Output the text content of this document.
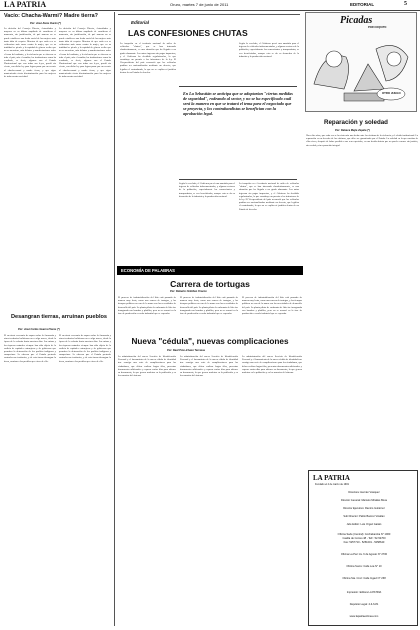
LA PATRIA	Oruro, martes 7 de junio de 2011	EDITORIAL	5
Vacío: Chacha-Warmi? Madre tierra?
Por: José Alves Durán (*)
La decisión del Consejo Directo, Autoridades y mayores en su último ampliado de considerar el momento, sin justificación, de qué manera no se puede establecer una lucha social de las mujeres ante tanta falta de respeto. Muestra de que cada vez se evidencian más casos contra la mujer, que en su totalidad se pierde y la equidad de género recibe que no se mencione, más debates y manifestaciones sobre el tema del maltrato, y la violencia que se observa en todo el país, aún el cambio; las instituciones como ha resultado, es decir, algunos son el Estado Plurinacional que con todas sus leyes, quedó sin efecto, con dicha ley para lograr pasar por un recorte al chacha-warmi y madre tierra, y que sigue manteniendo cierta discriminación para las mujeres de toda nuestra sociedad.
La decisión del Consejo Directo, Autoridades y mayores en su último ampliado de considerar el momento, sin justificación, de qué manera no se puede establecer una lucha social de las mujeres ante tanta falta de respeto. Muestra de que cada vez se evidencian más casos contra la mujer, que en su totalidad se pierde y la equidad de género recibe que no se mencione, más debates y manifestaciones sobre el tema del maltrato, y la violencia que se observa en todo el país, aún el cambio; las instituciones como ha resultado, es decir, algunos son el Estado Plurinacional que con todas sus leyes, quedó sin efecto, con dicha ley para lograr pasar por un recorte al chacha-warmi y madre tierra, y que sigue manteniendo cierta discriminación para las mujeres de toda nuestra sociedad.
Desangran tierras, arruinan pueblos
Por: José Carlos Guerra Flores (*)
El creciente escenario de saqueo sobre la Amazonía y otros territorios bolivianos no es algo nuevo, desde la época de la colonia hasta nuestros días. Las minas y las riquezas naturales siempre han sido objeto de la codicia de capitales extranjeros y de gobiernos que permiten la destrucción de los pueblos indígenas y campesinos. Se observa que el Estado pretende controlar sus territorios, y de esta forma desangrar la tierra, arruinar a los pueblos que viven de ella.
El creciente escenario de saqueo sobre la Amazonía y otros territorios bolivianos no es algo nuevo, desde la época de la colonia hasta nuestros días. Las minas y las riquezas naturales siempre han sido objeto de la codicia de capitales extranjeros y de gobiernos que permiten la destrucción de los pueblos indígenas y campesinos. Se observa que el Estado pretende controlar sus territorios, y de esta forma desangrar la tierra, arruinar a los pueblos que viven de ella.
Editorial
LAS CONFESIONES CHUTAS
La irrupción en el territorio nacional de miles de vehículos "chutos", que se han internado clandestinamente, es una situación que ha llegado a un grado alarmante. Los autos ingresan sin pagar impuestos, y el Gobierno ha decidido regularizarlos, lo que constituye un premio a los infractores de la ley. El Vicepresidente del país reconoció que los vehículos podrían ser nacionalizados mediante un decreto, que legaliza el contrabando, lo que no se explica ni justifica dentro de un Estado de derecho.
Según lo revelado, el Gobierno prevé una amnistía para el ingreso de vehículos indocumentados, y algunos sectores de la población, especialmente los comerciantes y transportistas, se ven beneficiados, aunque esto se da en desmedro de la industria y la producción nacional.
En La Sebastián se anticipa que se adoptarían "ciertas medidas de seguridad", rodeando al sector, y no se ha especificado cuál será la manera en que se tratará el tema para el negociado que se proyecta, y los contrabandistas se benefician con la aprobación legal.
Según lo revelado, el Gobierno prevé una amnistía para el ingreso de vehículos indocumentados, y algunos sectores de la población, especialmente los comerciantes y transportistas, se ven beneficiados, aunque esto se da en desmedro de la industria y la producción nacional.
La irrupción en el territorio nacional de miles de vehículos "chutos", que se han internado clandestinamente, es una situación que ha llegado a un grado alarmante. Los autos ingresan sin pagar impuestos, y el Gobierno ha decidido regularizarlos, lo que constituye un premio a los infractores de la ley. El Vicepresidente del país reconoció que los vehículos podrían ser nacionalizados mediante un decreto, que legaliza el contrabando, lo que no se explica ni justifica dentro de un Estado de derecho.
Picadas
POR COQUITO
OTRO JUEGO
Reparación y soledad
Por: Rebeca Mejía Zapata (*)
Hace diez años, que cada vez se ha visto más una lucha entre las víctimas de la violencia y el olvido institucional. La reparación es un derecho de las víctimas, que debe ser garantizado por el Estado. La soledad en la que muchas de ellas viven, después de haber perdido a sus seres queridos, es una herida abierta que no puede cerrarse sin justicia, sin verdad y sin reparación integral.
ECONOMÍA DE PALABRAS
Carrera de tortugas
Por: Roberto Ordóñez Orozco
El proceso de industrialización del litio está pasando de manera muy lenta, como una carrera de tortugas, y los tiempos políticos no van de la mano con las necesidades de desarrollo del país. La planta piloto de carbonato de litio fue inaugurada con bombos y platillos, pero no se avanzó en la fase de producción a escala industrial que se esperaba.
El proceso de industrialización del litio está pasando de manera muy lenta, como una carrera de tortugas, y los tiempos políticos no van de la mano con las necesidades de desarrollo del país. La planta piloto de carbonato de litio fue inaugurada con bombos y platillos, pero no se avanzó en la fase de producción a escala industrial que se esperaba.
El proceso de industrialización del litio está pasando de manera muy lenta, como una carrera de tortugas, y los tiempos políticos no van de la mano con las necesidades de desarrollo del país. La planta piloto de carbonato de litio fue inaugurada con bombos y platillos, pero no se avanzó en la fase de producción a escala industrial que se esperaba.
Nueva "cédula", nuevas complicaciones
Por: Raúl Pino-Ichazo Terrazas
La administración del nuevo Servicio de Identificación Personal y el lanzamiento de la nueva cédula de identidad trae consigo una serie de complicaciones para los ciudadanos, que deben realizar largas filas, presentar documentos adicionales y esperar varios días para obtener su documento, lo que genera malestar en la población y en los usuarios del sistema.
La administración del nuevo Servicio de Identificación Personal y el lanzamiento de la nueva cédula de identidad trae consigo una serie de complicaciones para los ciudadanos, que deben realizar largas filas, presentar documentos adicionales y esperar varios días para obtener su documento, lo que genera malestar en la población y en los usuarios del sistema.
La administración del nuevo Servicio de Identificación Personal y el lanzamiento de la nueva cédula de identidad trae consigo una serie de complicaciones para los ciudadanos, que deben realizar largas filas, presentar documentos adicionales y esperar varios días para obtener su documento, lo que genera malestar en la población y en los usuarios del sistema.
LA PATRIA
Fundado el 4 de marzo de 1919
Directora: Hernán Vásquez
Director General: Marcelo Miralles Bova
Director Ejecutivo: Ramiro Gutiérrez
Sub Director: Pablo Banzer Vinallan
Jefe Editor: Luis Orgaz Gaitán
Oficina Sede (Central): Cochabamba N° 1960
Casilla de Correo 48 - Telf.: 52-52700
Fax: 5257710 - 5251001 - 5258640
Oficina La Paz: Av. 6 de Agosto N° 2700
Oficina Sucre: Calle Loa N° 10
Oficina Sta. Cruz: Calle Ingavi N° 268
Impresión: Editora LA PATRIA
Depósito Legal: 4-3-6-81
www.lapatriaenlinea.com
